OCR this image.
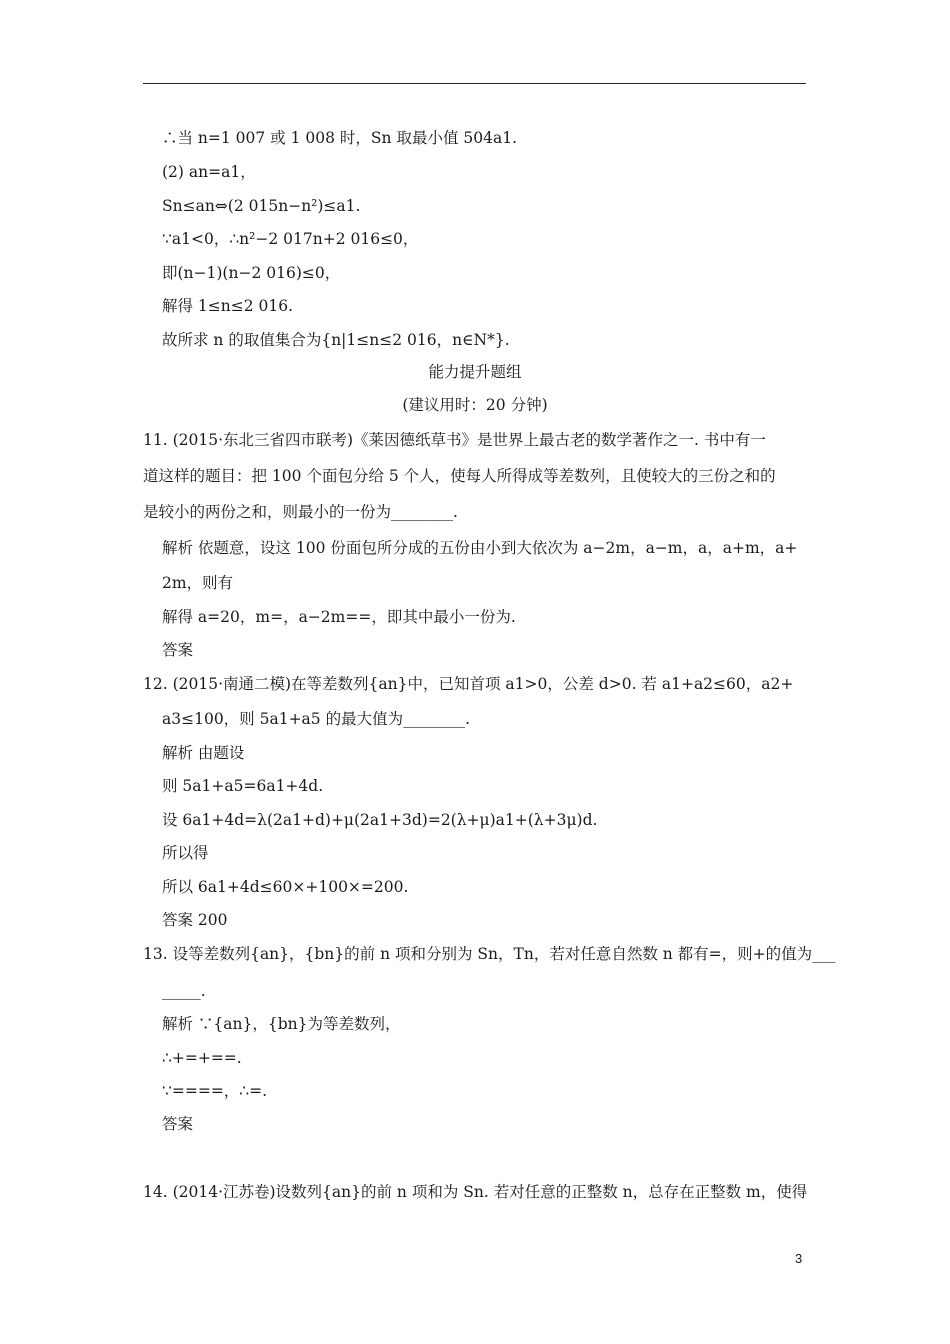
∴当 n=1 007 或 1 008 时，Sn 取最小值 504a1.
(2) an=a1，
Sn≤an⇔(2 015n−n²)≤a1.
∵a1<0，∴n²−2 017n+2 016≤0，
即(n−1)(n−2 016)≤0，
解得 1≤n≤2 016.
故所求 n 的取值集合为{n|1≤n≤2 016，n∈N*}.
能力提升题组
(建议用时：20 分钟)
11. (2015·东北三省四市联考)《莱因德纸草书》是世界上最古老的数学著作之一. 书中有一
道这样的题目：把 100 个面包分给 5 个人，使每人所得成等差数列，且使较大的三份之和的
是较小的两份之和，则最小的一份为________.
解析 依题意，设这 100 份面包所分成的五份由小到大依次为 a−2m，a−m，a，a+m，a+
2m，则有
解得 a=20，m=，a−2m==，即其中最小一份为.
答案
12. (2015·南通二模)在等差数列{an}中，已知首项 a1>0，公差 d>0. 若 a1+a2≤60，a2+
a3≤100，则 5a1+a5 的最大值为________.
解析 由题设
则 5a1+a5=6a1+4d.
设 6a1+4d=λ(2a1+d)+μ(2a1+3d)=2(λ+μ)a1+(λ+3μ)d.
所以得
所以 6a1+4d≤60×+100×=200.
答案 200
13. 设等差数列{an}，{bn}的前 n 项和分别为 Sn，Tn，若对任意自然数 n 都有=，则+的值为___
_____.
解析 ∵{an}，{bn}为等差数列，
∴+=+==.
∵====，∴=.
答案
14. (2014·江苏卷)设数列{an}的前 n 项和为 Sn. 若对任意的正整数 n，总存在正整数 m，使得
3
